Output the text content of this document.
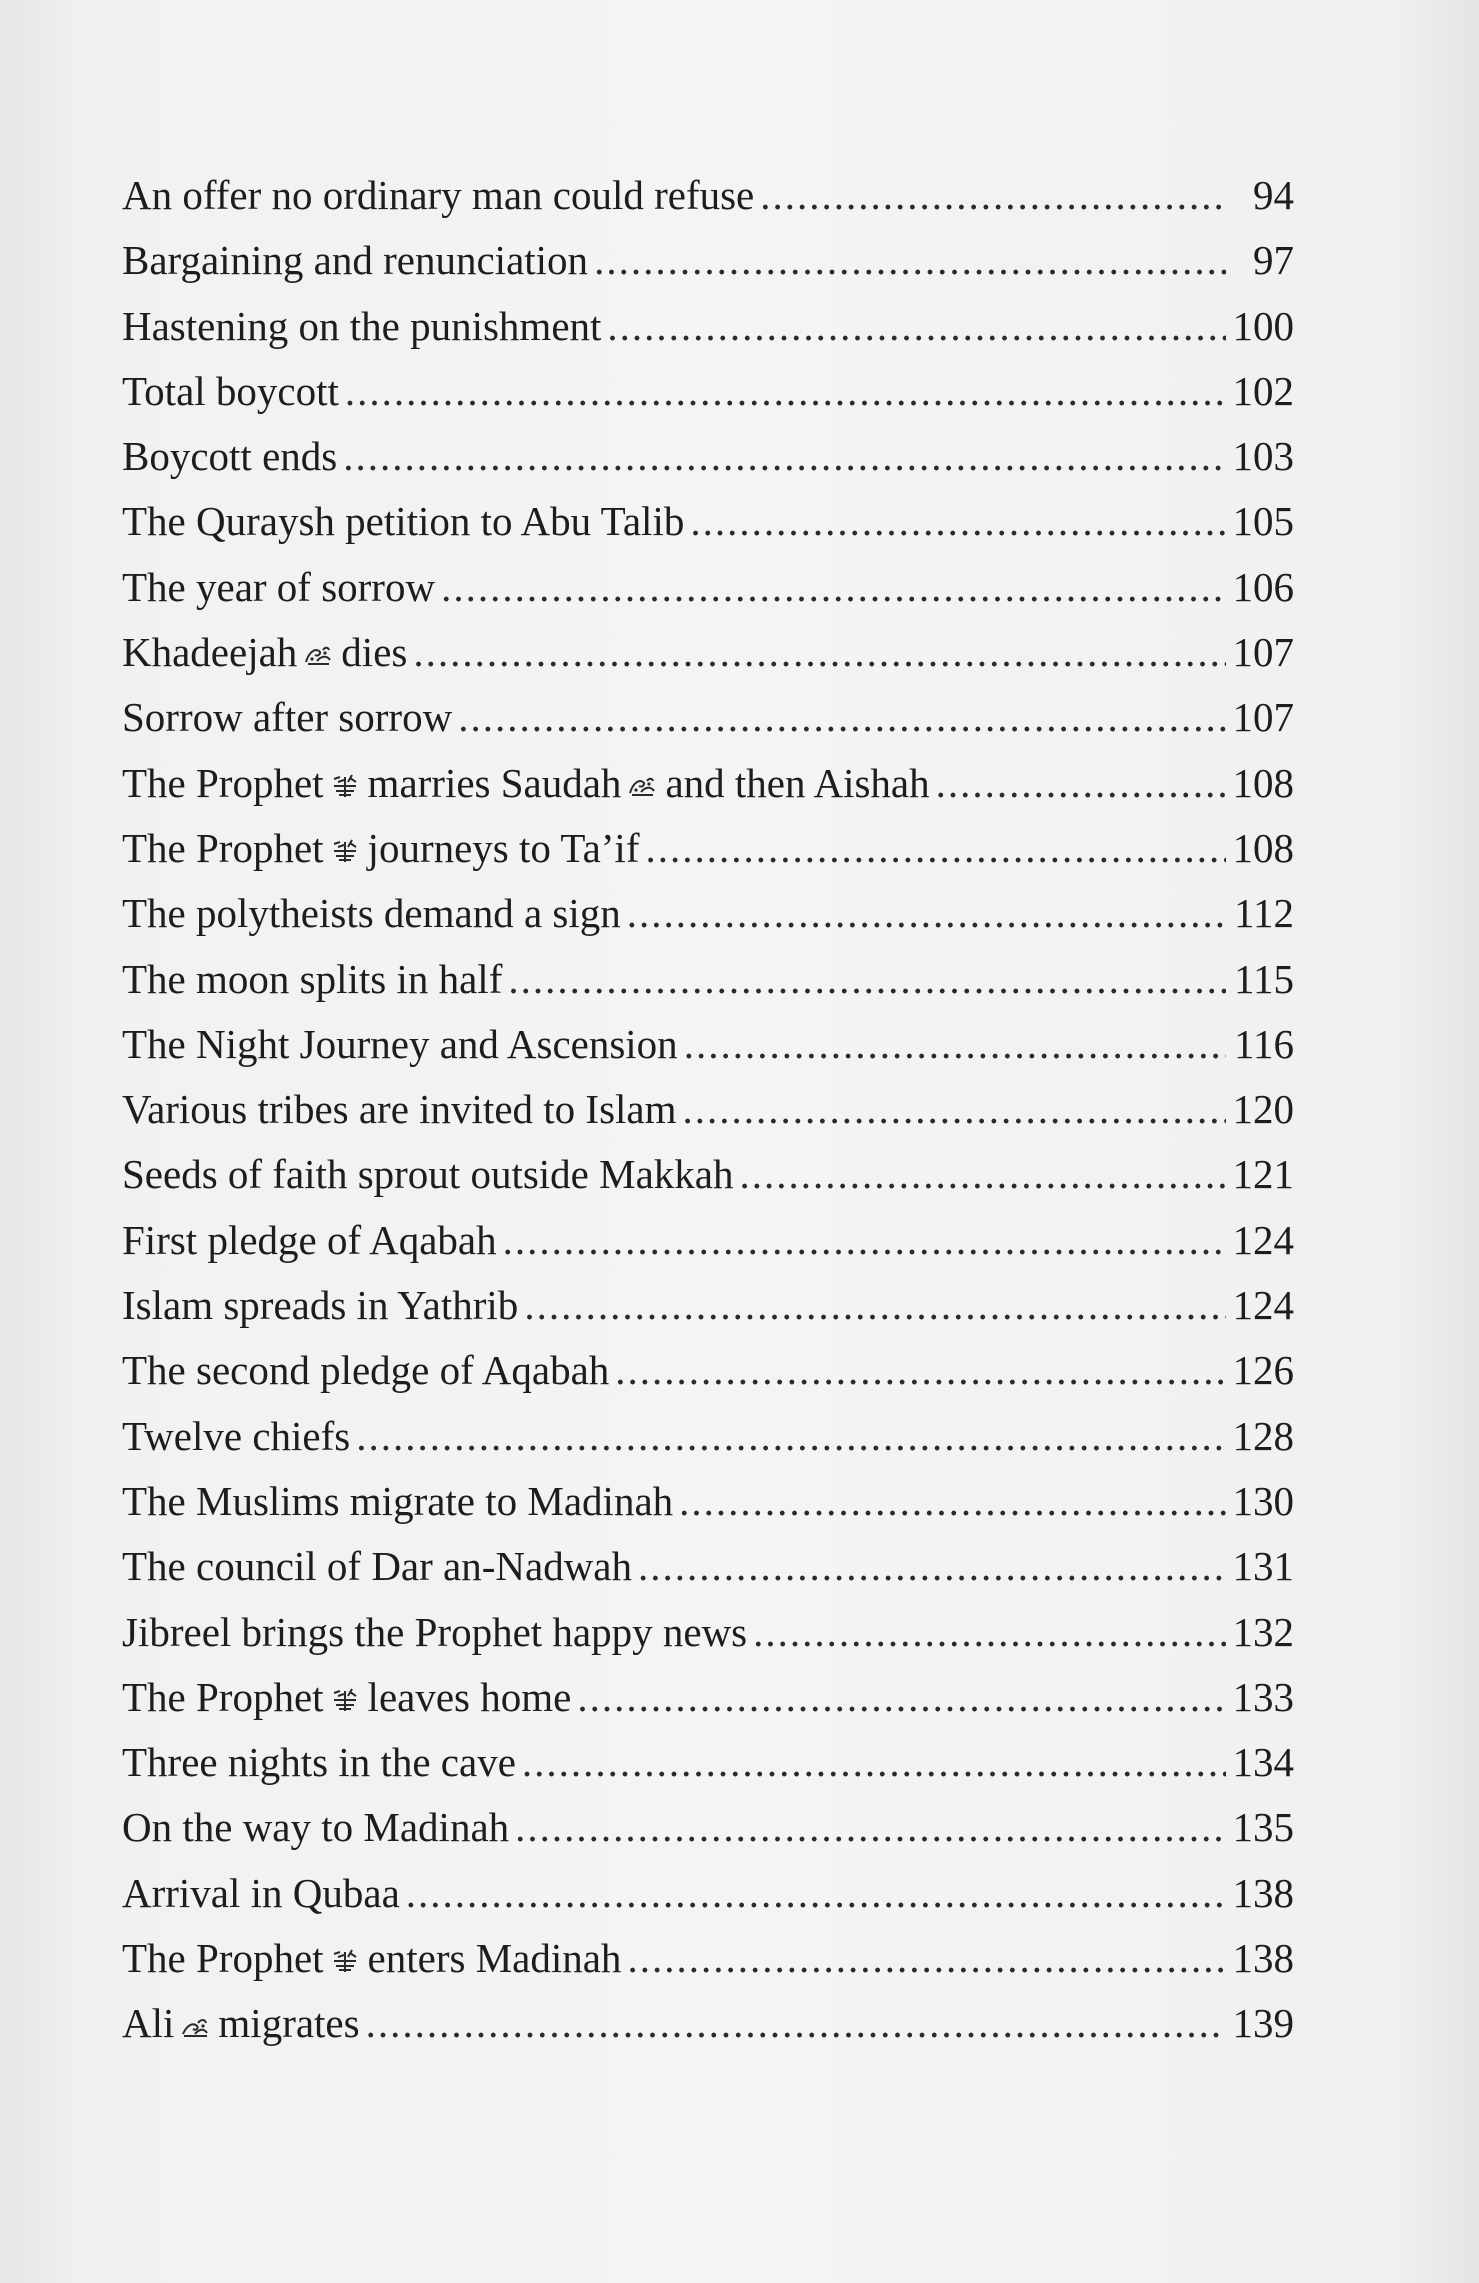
An offer no ordinary man could refuse .....	94
Bargaining and renunciation .....	97
Hastening on the punishment .....	100
Total boycott .....	102
Boycott ends .....	103
The Quraysh petition to Abu Talib .....	105
The year of sorrow .....	106
Khadeejah dies .....	107
Sorrow after sorrow .....	107
The Prophet marries Saudah and then Aishah .....	108
The Prophet journeys to Ta’if .....	108
The polytheists demand a sign .....	112
The moon splits in half .....	115
The Night Journey and Ascension .....	116
Various tribes are invited to Islam .....	120
Seeds of faith sprout outside Makkah .....	121
First pledge of Aqabah .....	124
Islam spreads in Yathrib .....	124
The second pledge of Aqabah .....	126
Twelve chiefs .....	128
The Muslims migrate to Madinah .....	130
The council of Dar an-Nadwah .....	131
Jibreel brings the Prophet happy news .....	132
The Prophet leaves home .....	133
Three nights in the cave .....	134
On the way to Madinah .....	135
Arrival in Qubaa .....	138
The Prophet enters Madinah .....	138
Ali migrates .....	139
